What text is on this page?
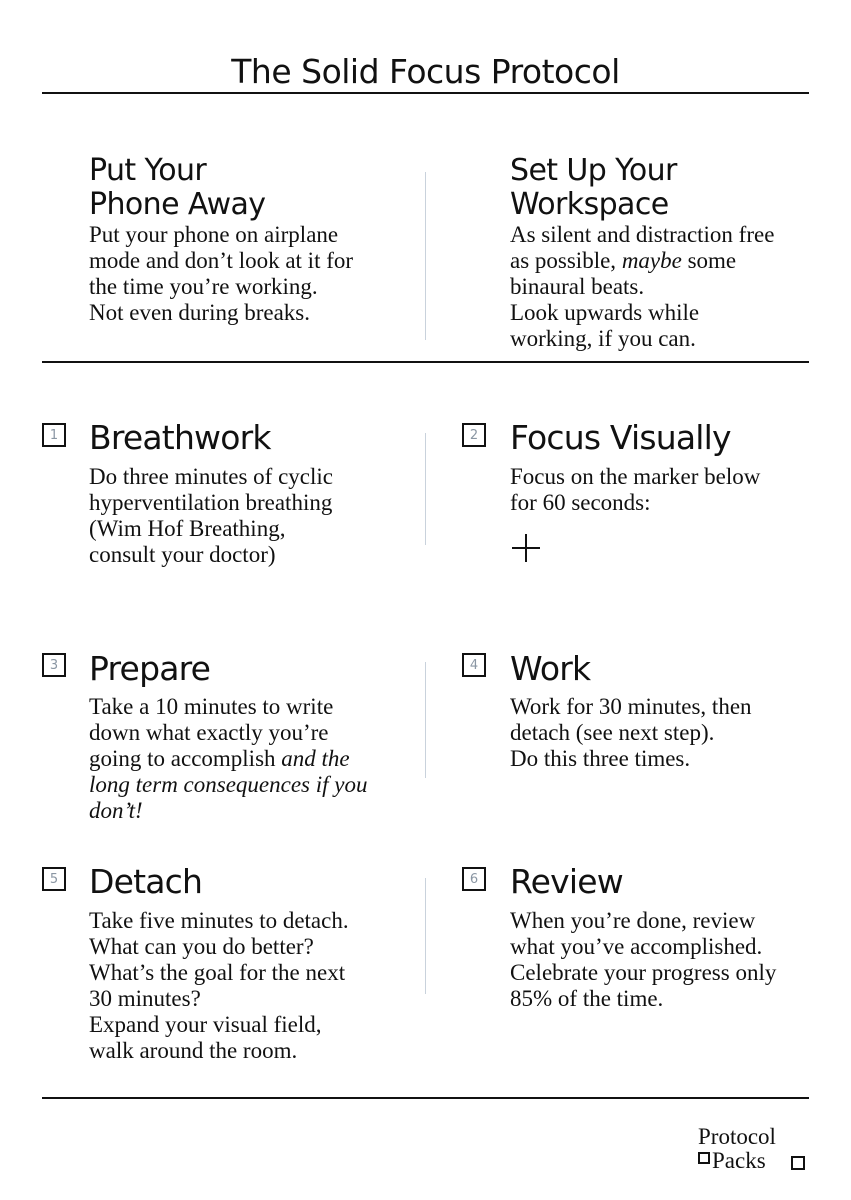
The Solid Focus Protocol
Put Your
Phone Away
Put your phone on airplane
mode and don’t look at it for
the time you’re working.
Not even during breaks.
Set Up Your
Workspace
As silent and distraction free
as possible, maybe some
binaural beats.
Look upwards while
working, if you can.
1 Breathwork
Do three minutes of cyclic
hyperventilation breathing
(Wim Hof Breathing,
consult your doctor)
2 Focus Visually
Focus on the marker below
for 60 seconds:
3 Prepare
Take a 10 minutes to write
down what exactly you’re
going to accomplish and the
long term consequences if you
don’t!
4 Work
Work for 30 minutes, then
detach (see next step).
Do this three times.
5 Detach
Take five minutes to detach.
What can you do better?
What’s the goal for the next
30 minutes?
Expand your visual field,
walk around the room.
6 Review
When you’re done, review
what you’ve accomplished.
Celebrate your progress only
85% of the time.
Protocol
Packs
